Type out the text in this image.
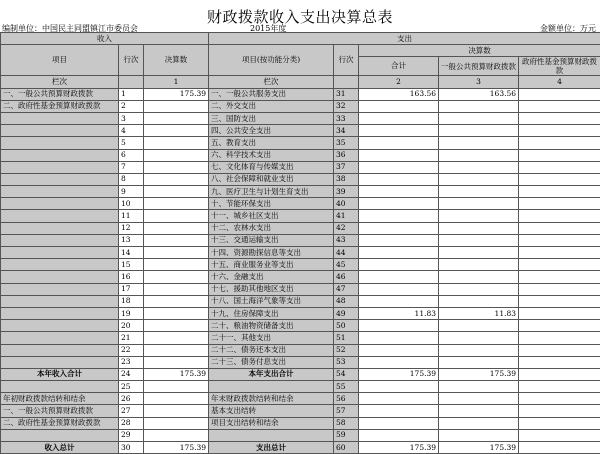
财政拨款收入支出决算总表
编制单位：中国民主同盟镇江市委员会	2015年度	金额单位：万元
收入			支出				
项目	行次	决算数	项目(按功能分类)	行次	决算数		
					合计	一般公共预算财政拨款	政府性基金预算财政拨款
栏次		1	栏次		2	3	4
一、一般公共预算财政拨款	1	175.39	一、一般公共服务支出	31	163.56	163.56	
二、政府性基金预算财政拨款	2		二、外交支出	32			
	3		三、国防支出	33			
	4		四、公共安全支出	34			
	5		五、教育支出	35			
	6		六、科学技术支出	36			
	7		七、文化体育与传媒支出	37			
	8		八、社会保障和就业支出	38			
	9		九、医疗卫生与计划生育支出	39			
	10		十、节能环保支出	40			
	11		十一、城乡社区支出	41			
	12		十二、农林水支出	42			
	13		十三、交通运输支出	43			
	14		十四、资源勘探信息等支出	44			
	15		十五、商业服务业等支出	45			
	16		十六、金融支出	46			
	17		十七、援助其他地区支出	47			
	18		十八、国土海洋气象等支出	48			
	19		十九、住房保障支出	49	11.83	11.83	
	20		二十、粮油物资储备支出	50			
	21		二十一、其他支出	51			
	22		二十二、债务还本支出	52			
	23		二十三、债务付息支出	53			
本年收入合计	24	175.39	本年支出合计	54	175.39	175.39	
	25			55			
年初财政拨款结转和结余	26		年末财政拨款结转和结余	56			
一、一般公共预算财政拨款	27		基本支出结转	57			
二、政府性基金预算财政拨款	28		项目支出结转和结余	58			
	29			59			
收入总计	30	175.39	支出总计	60	175.39	175.39	
